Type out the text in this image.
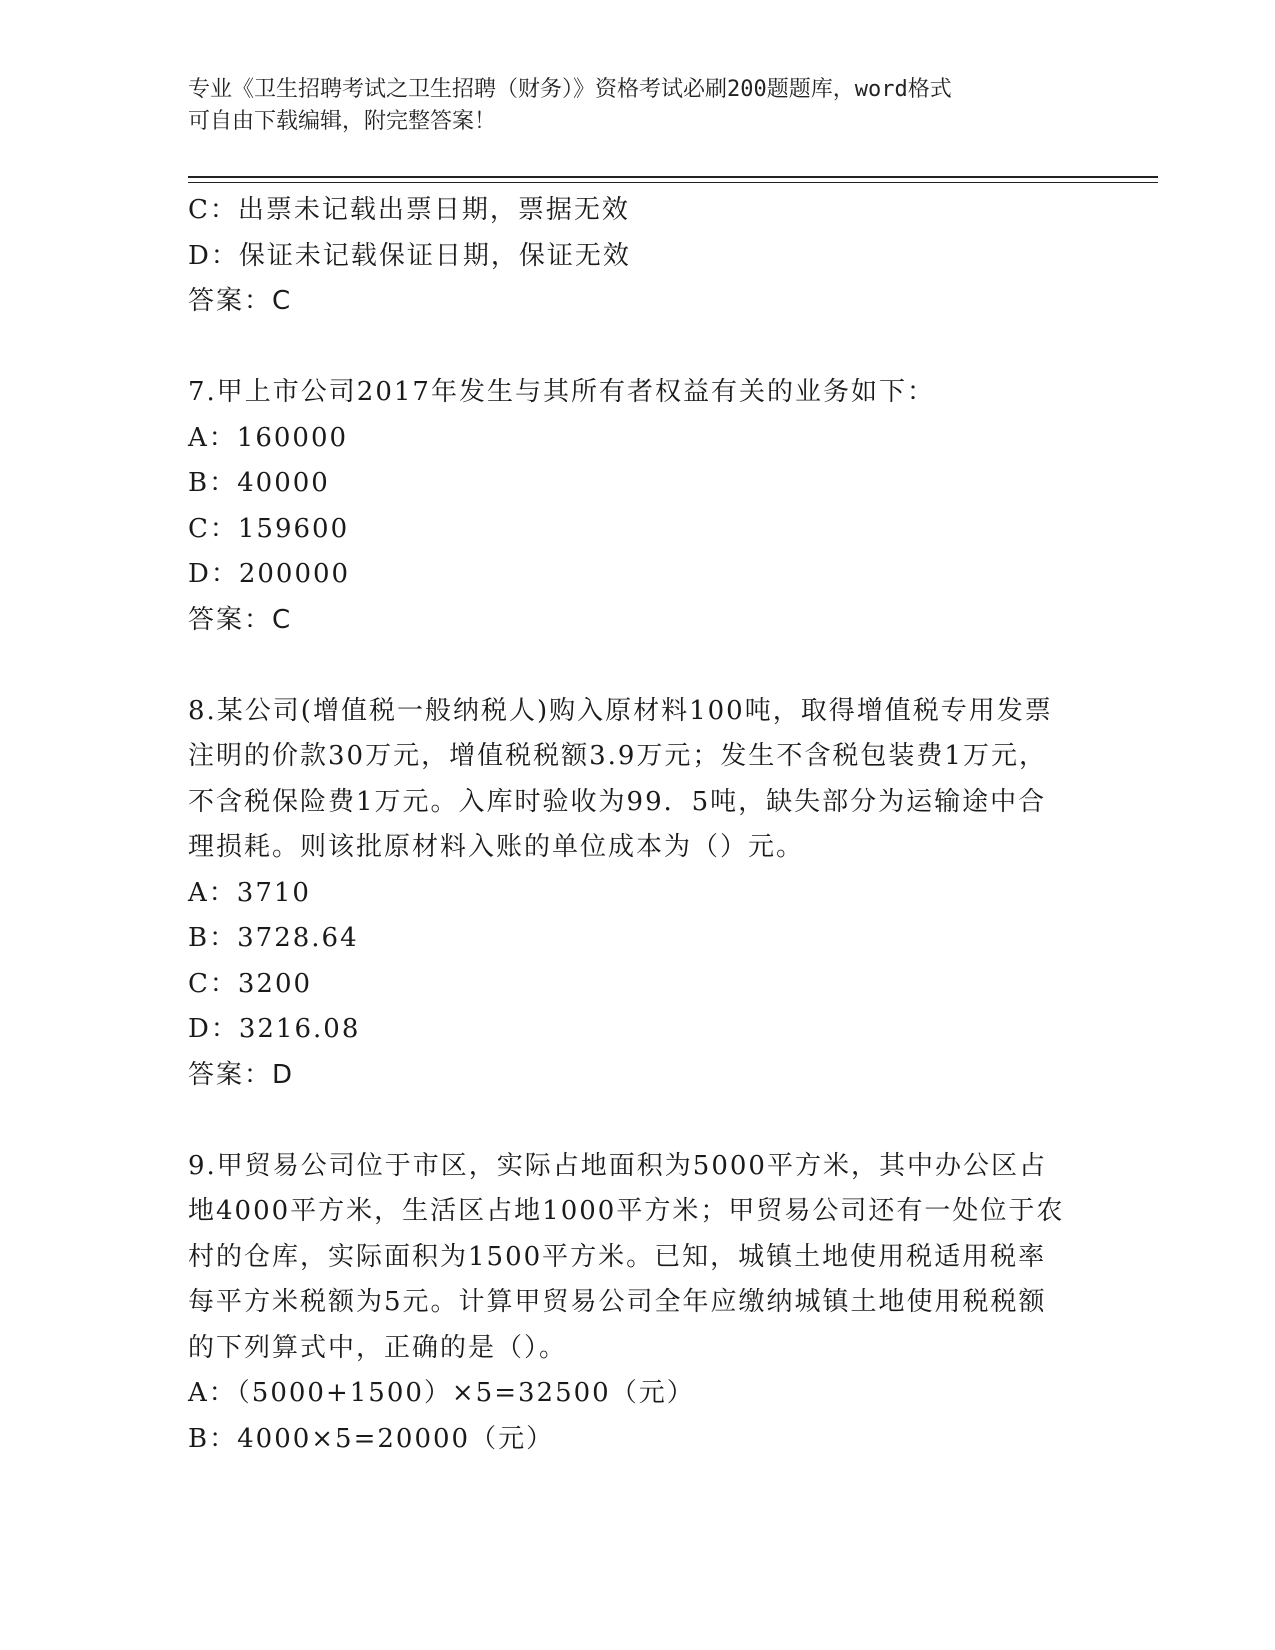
专业《卫生招聘考试之卫生招聘（财务）》资格考试必刷200题题库，word格式
可自由下载编辑，附完整答案！
C：出票未记载出票日期，票据无效
D：保证未记载保证日期，保证无效
答案：C
7.甲上市公司2017年发生与其所有者权益有关的业务如下：
A：160000
B：40000
C：159600
D：200000
答案：C
8.某公司(增值税一般纳税人)购入原材料100吨，取得增值税专用发票注明的价款30万元，增值税税额3.9万元；发生不含税包装费1万元，不含税保险费1万元。入库时验收为99．5吨，缺失部分为运输途中合理损耗。则该批原材料入账的单位成本为（）元。
A：3710
B：3728.64
C：3200
D：3216.08
答案：D
9.甲贸易公司位于市区，实际占地面积为5000平方米，其中办公区占地4000平方米，生活区占地1000平方米；甲贸易公司还有一处位于农村的仓库，实际面积为1500平方米。已知，城镇土地使用税适用税率每平方米税额为5元。计算甲贸易公司全年应缴纳城镇土地使用税税额的下列算式中，正确的是（）。
A：（5000+1500）×5=32500（元）
B：4000×5=20000（元）
